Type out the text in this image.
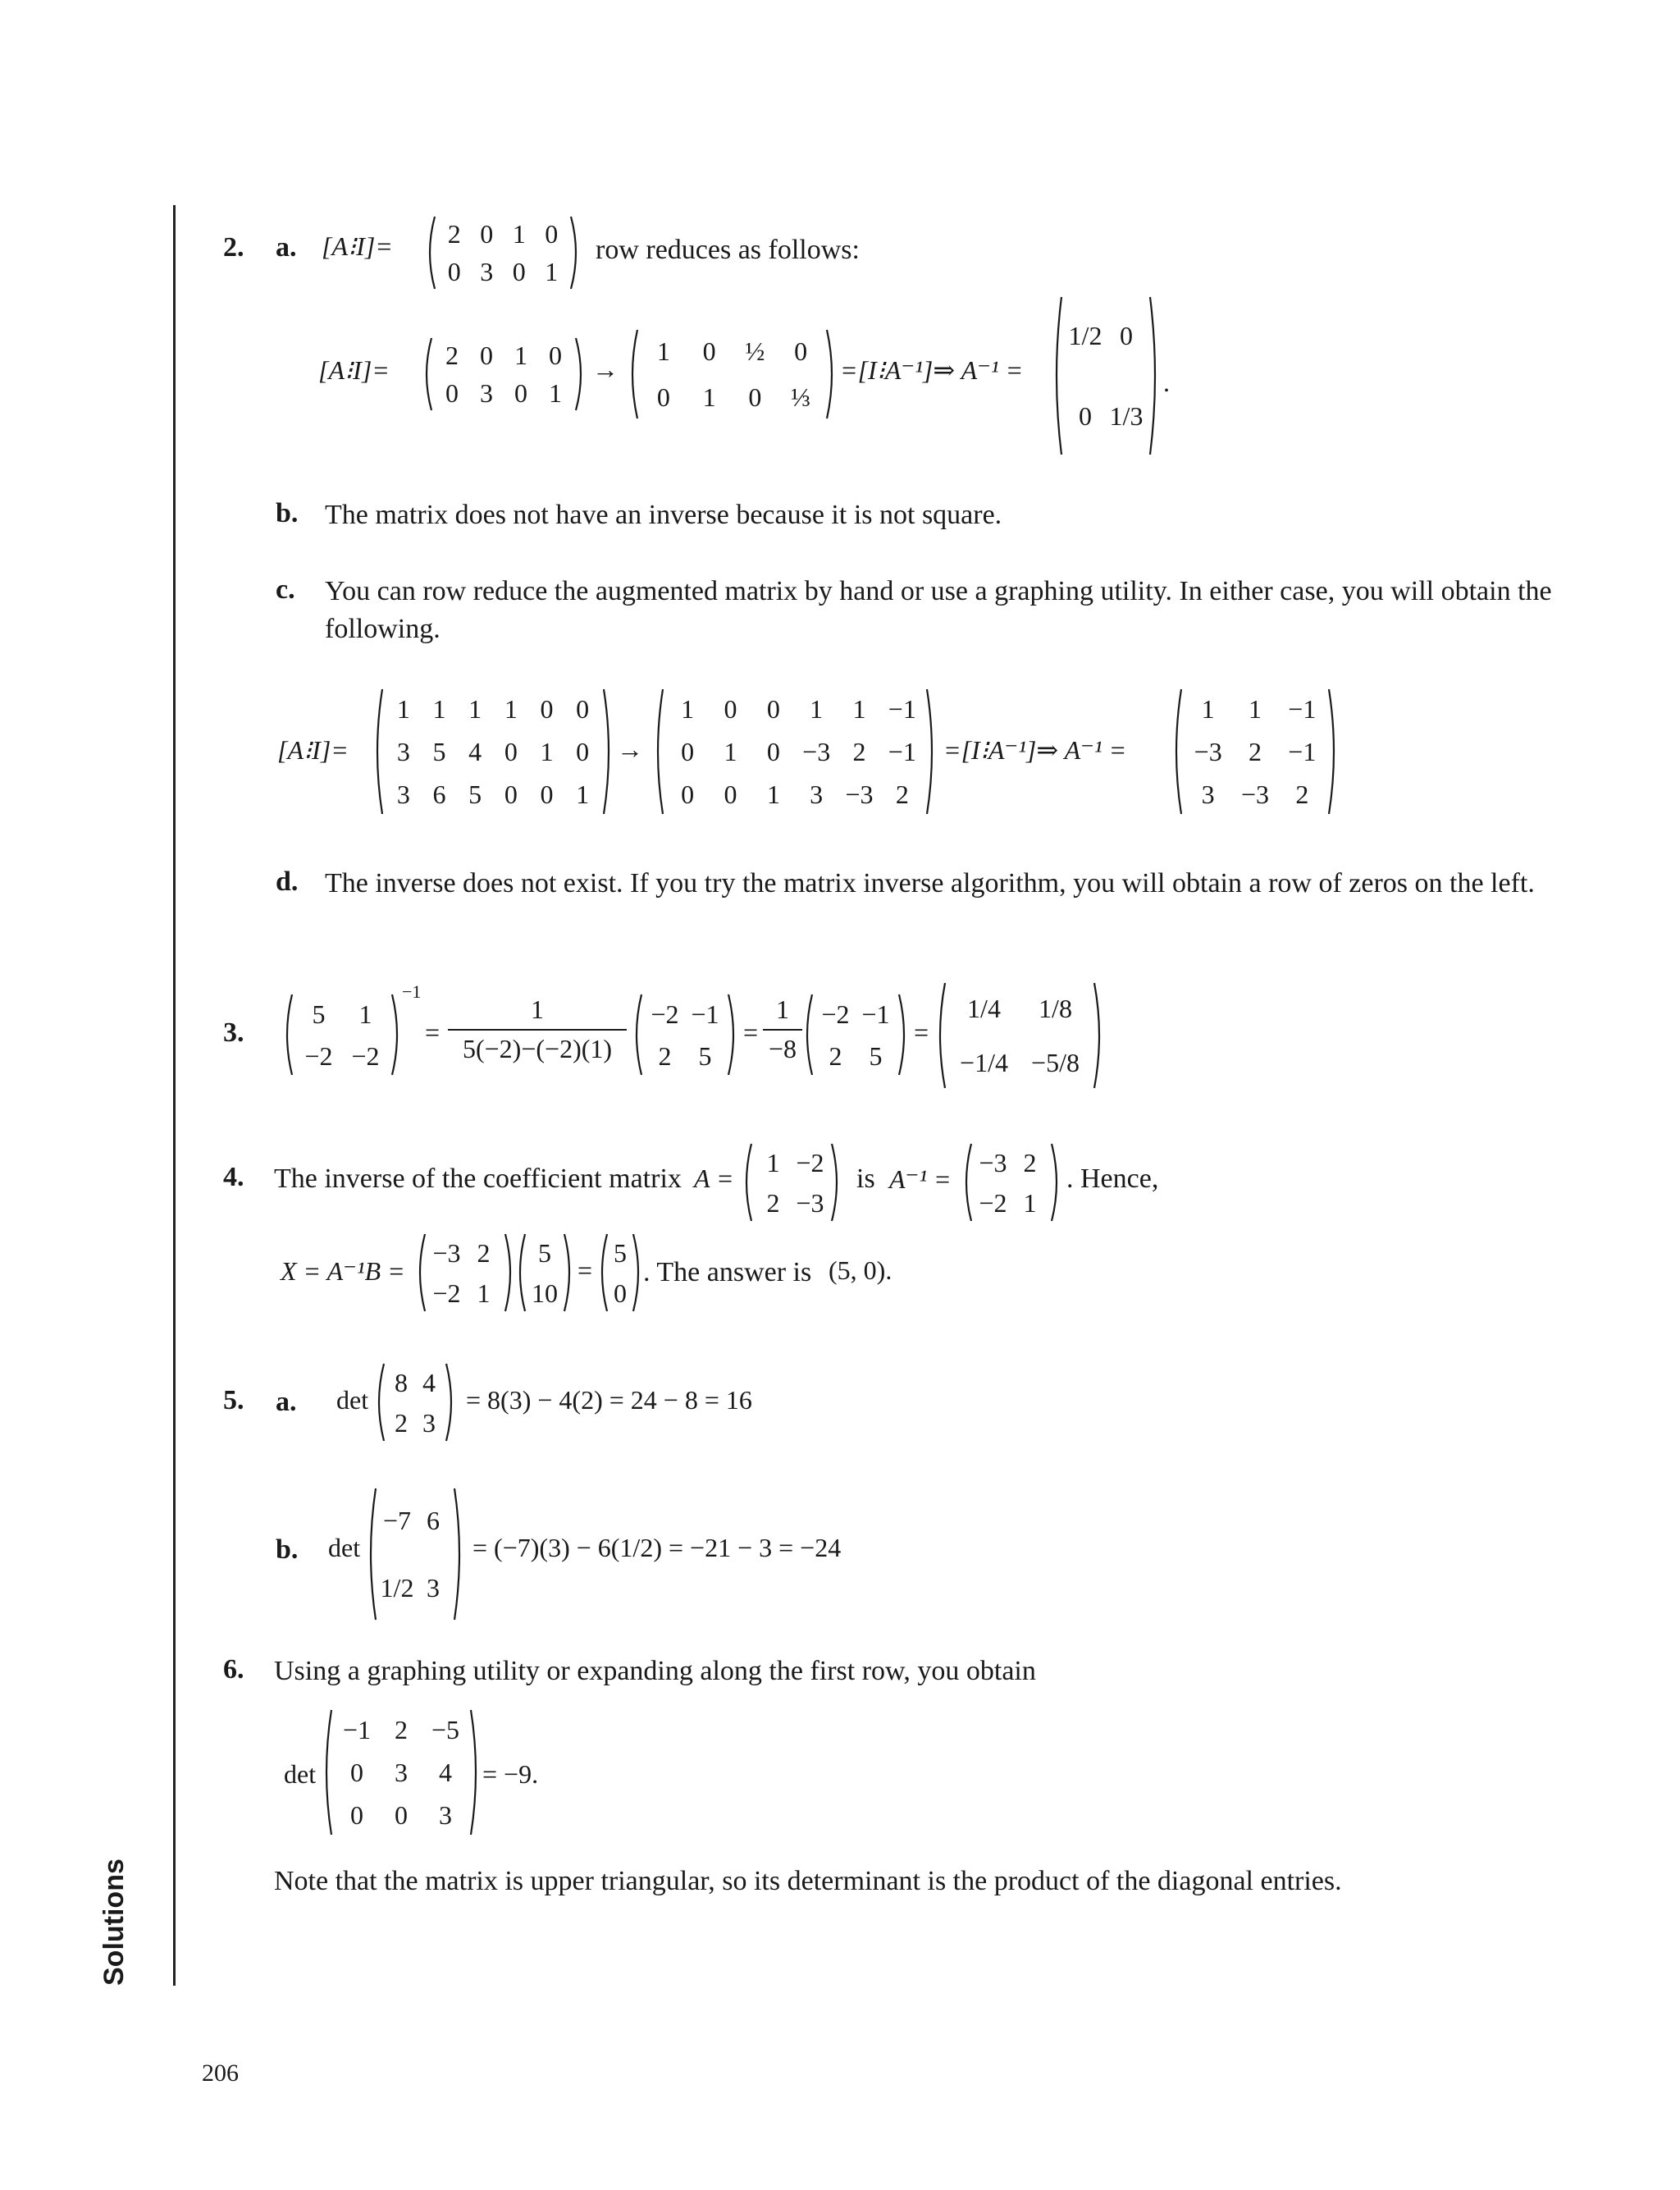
Solutions
206
2. a. [A⁝I]=	2 0 1 0
0 3 0 1
row reduces as follows:
[A⁝I]=	2 0 1 0
0 3 0 1
→
1	0	½	0
0	1	0	⅓
=[I⁝A⁻¹]⇒ A⁻¹ =
1/2 0
0 1/3
.
b. The matrix does not have an inverse because it is not square.
c. You can row reduce the augmented matrix by hand or use a graphing utility. In either case, you will obtain the following.
[A⁝I]=
1 1 1 1 0 0
3 5 4 0 1 0
3 6 5 0 0 1
→
1	0	0	1	1 −1
0	1	0 −3 2 −1
0	0	1	3 −3 2
=[I⁝A⁻¹]⇒ A⁻¹ =
1	1	−1
−3	2	−1
3	−3	2
d. The inverse does not exist. If you try the matrix inverse algorithm, you will obtain a row of zeros on the left.
3.
5	1
−2 −2
−1
=
1
5(−2)−(−2)(1)
−2 −1
2	5
=
1
−8
−2 −1
2	5
=
1/4	1/8
−1/4 −5/8
4. The inverse of the coefficient matrix A =
1 −2
2 −3
is A⁻¹ =
−3 2
−2 1
. Hence,
X = A⁻¹B =
−3 2
−2 1
5
10
=
5
0
. The answer is (5, 0).
5. a. det
8 4
2 3
= 8(3) − 4(2) = 24 − 8 = 16
b. det
−7 6
1/2 3
= (−7)(3) − 6(1/2) = −21 − 3 = −24
6. Using a graphing utility or expanding along the first row, you obtain
det
−1 2 −5
0	3	4
0	0	3
= −9.
Note that the matrix is upper triangular, so its determinant is the product of the diagonal entries.
